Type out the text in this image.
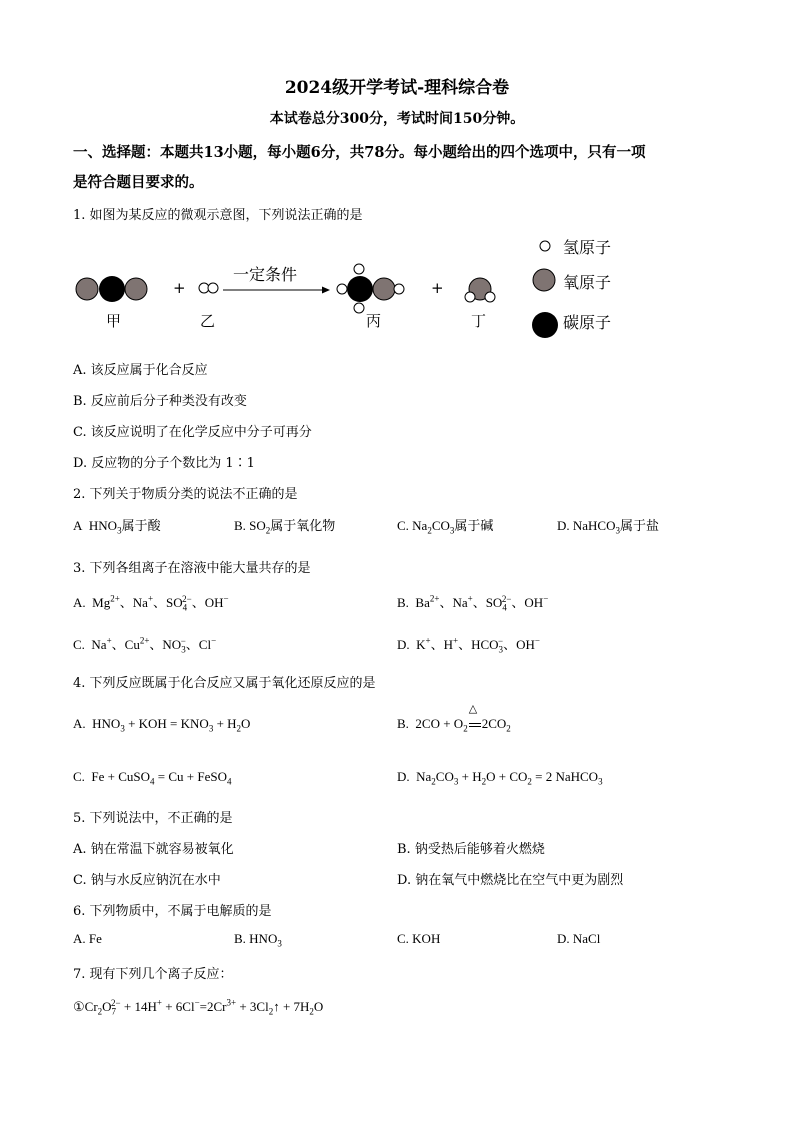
2024级开学考试-理科综合卷
本试卷总分300分，考试时间150分钟。
一、选择题：本题共13小题，每小题6分，共78分。每小题给出的四个选项中，只有一项
是符合题目要求的。
1. 如图为某反应的微观示意图，下列说法正确的是
+
一定条件
+
甲	乙	丙	丁
氢原子
氧原子
碳原子
A. 该反应属于化合反应
B. 反应前后分子种类没有改变
C. 该反应说明了在化学反应中分子可再分
D. 反应物的分子个数比为 1∶1
2. 下列关于物质分类的说法不正确的是
A $HNO_3$属于酸	B. $SO_2$属于氧化物	C. $Na_2CO_3$属于碱	D. NaHCO$_3$属于盐
3. 下列各组离子在溶液中能大量共存的是
A.  $Mg^{2+}$、Na+、$SO_4^{2-}$、OH−	B.  $Ba^{2+}$、Na+、$SO_4^{2-}$、OH−
C.  Na+、$Cu^{2+}$、$NO_3^-$、Cl−	D.  K+、H+、$HCO_3^-$、OH−
4. 下列反应既属于化合反应又属于氧化还原反应的是
A.  $HNO_3$ + KOH = $KNO_3 + H_2O$	B.  $2CO + O_2$
△
$2CO_2$
C.  Fe + CuSO$_4$ = Cu + FeSO$_4$	D.  $Na_2CO_3 + H_2O + CO_2 = 2$ NaHCO$_3$
5. 下列说法中，不正确的是
A. 钠在常温下就容易被氧化	B. 钠受热后能够着火燃烧
C. 钠与水反应钠沉在水中	D. 钠在氧气中燃烧比在空气中更为剧烈
6. 下列物质中，不属于电解质的是
A. Fe	B. $HNO_3$	C. KOH	D. NaCl
7. 现有下列几个离子反应：
$①Cr_2O_7^{2-} + 14H^+ + 6Cl^-=2Cr^{3+}$ + $3Cl_2↑ + 7H_2O$
